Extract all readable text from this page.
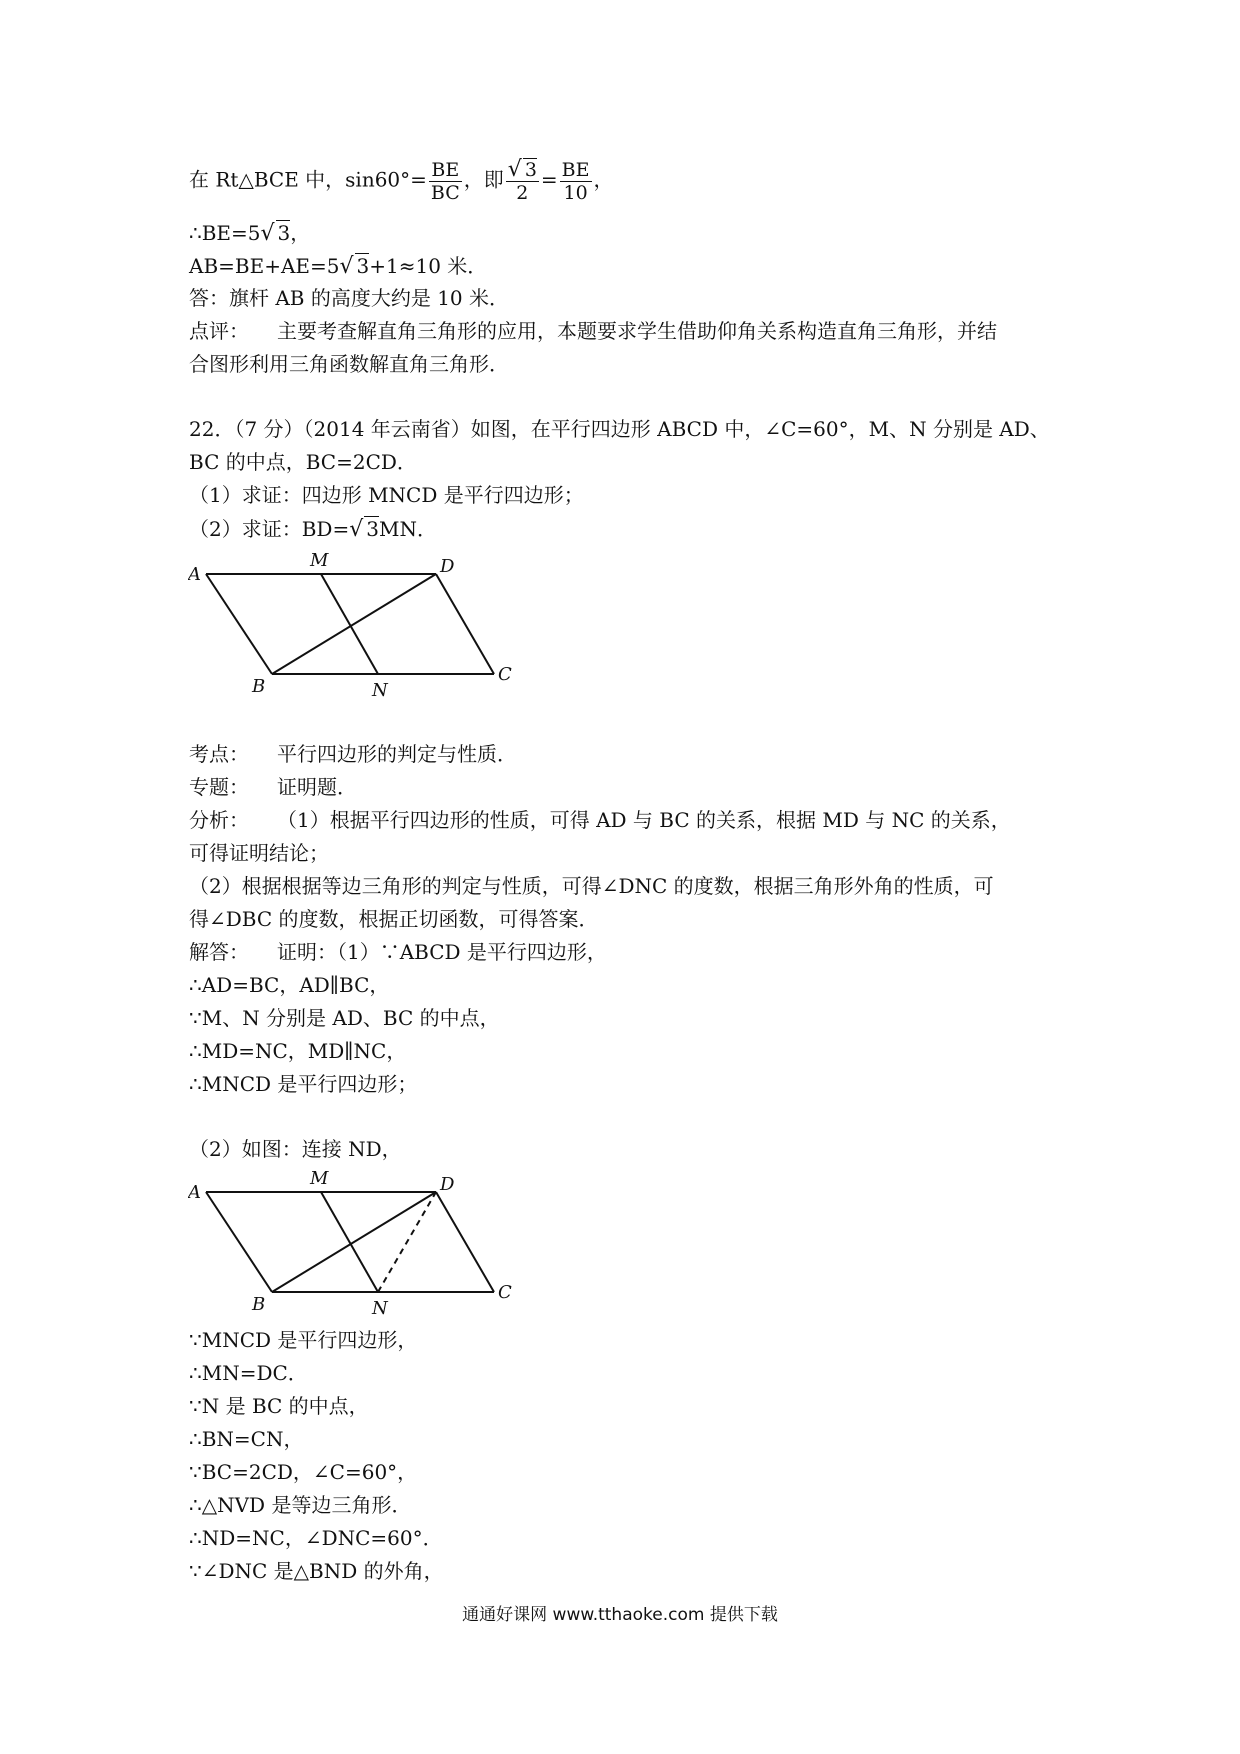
在 Rt△BCE 中，$\sin 60^\circ= \frac{BE}{BC}$ ，即 $\frac{√ 3}{2} = \frac{BE}{10}$ ，
∴BE=5√ 3，
AB=BE+AE=5√ 3+1≈10 米．
答：旗杆 AB 的高度大约是 10 米．
点评： 主要考查解直角三角形的应用，本题要求学生借助仰角关系构造直角三角形，并结
合图形利用三角函数解直角三角形．
22．（7 分）（2014 年云南省）如图，在平行四边形 ABCD 中，∠C=60°，M、N 分别是 AD、
BC 的中点，BC=2CD．
（1）求证：四边形 MNCD 是平行四边形；
（2）求证：BD=√ 3MN．
A
M	D
B	N
C
考点： 平行四边形的判定与性质．
专题： 证明题．
分析： （1）根据平行四边形的性质，可得 AD 与 BC 的关系，根据 MD 与 NC 的关系，
可得证明结论；
（2）根据根据等边三角形的判定与性质，可得∠DNC 的度数，根据三角形外角的性质，可
得∠DBC 的度数，根据正切函数，可得答案．
解答： 证明：（1）∵ABCD 是平行四边形，
∴AD=BC，AD∥BC，
∵M、N 分别是 AD、BC 的中点，
∴MD=NC，MD∥NC，
∴MNCD 是平行四边形；
（2）如图：连接 ND，
A
M	D
B	N
C
∵MNCD 是平行四边形，
∴MN=DC．
∵N 是 BC 的中点，
∴BN=CN，
∵BC=2CD，∠C=60°，
∴△NVD 是等边三角形．
∴ND=NC，∠DNC=60°．
∵∠DNC 是△BND 的外角，
通通好课网 www.tthaoke.com 提供下载
